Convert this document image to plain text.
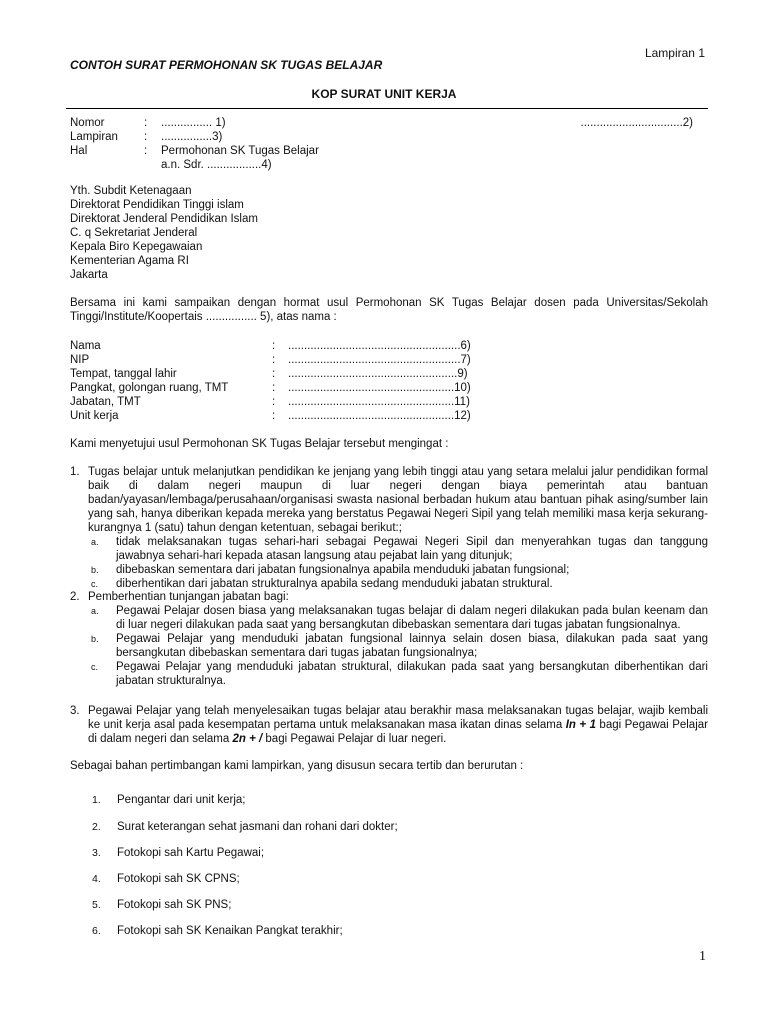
Lampiran 1
CONTOH SURAT PERMOHONAN SK TUGAS BELAJAR
KOP SURAT UNIT KERJA
Nomor	: ................ 1)	................................2)
Lampiran : ................3)
Hal	: Permohonan SK Tugas Belajar
a.n. Sdr. .................4)
Yth. Subdit Ketenagaan
Direktorat Pendidikan Tinggi islam
Direktorat Jenderal Pendidikan Islam
C. q Sekretariat Jenderal
Kepala Biro Kepegawaian
Kementerian Agama RI
Jakarta
Bersama ini kami sampaikan dengan hormat usul Permohonan SK Tugas Belajar dosen pada Universitas/Sekolah Tinggi/Institute/Koopertais ................ 5), atas nama :
Nama	: ......................................................6)
NIP	: ......................................................7)
Tempat, tanggal lahir	: .....................................................9)
Pangkat, golongan ruang, TMT	: ....................................................10)
Jabatan, TMT	: ....................................................11)
Unit kerja	: ....................................................12)
Kami menyetujui usul Permohonan SK Tugas Belajar tersebut mengingat :
1. Tugas belajar untuk melanjutkan pendidikan ke jenjang yang lebih tinggi atau yang setara melalui jalur pendidikan formal baik di dalam negeri maupun di luar negeri dengan biaya pemerintah atau bantuan badan/yayasan/lembaga/perusahaan/organisasi swasta nasional berbadan hukum atau bantuan pihak asing/sumber lain yang sah, hanya diberikan kepada mereka yang berstatus Pegawai Negeri Sipil yang telah memiliki masa kerja sekurang-kurangnya 1 (satu) tahun dengan ketentuan, sebagai berikut:;
a. tidak melaksanakan tugas sehari-hari sebagai Pegawai Negeri Sipil dan menyerahkan tugas dan tanggung jawabnya sehari-hari kepada atasan langsung atau pejabat lain yang ditunjuk;
b. dibebaskan sementara dari jabatan fungsionalnya apabila menduduki jabatan fungsional;
c. diberhentikan dari jabatan strukturalnya apabila sedang menduduki jabatan struktural.
2. Pemberhentian tunjangan jabatan bagi:
a. Pegawai Pelajar dosen biasa yang melaksanakan tugas belajar di dalam negeri dilakukan pada bulan keenam dan di luar negeri dilakukan pada saat yang bersangkutan dibebaskan sementara dari tugas jabatan fungsionalnya.
b. Pegawai Pelajar yang menduduki jabatan fungsional lainnya selain dosen biasa, dilakukan pada saat yang bersangkutan dibebaskan sementara dari tugas jabatan fungsionalnya;
c. Pegawai Pelajar yang menduduki jabatan struktural, dilakukan pada saat yang bersangkutan diberhentikan dari jabatan strukturalnya.
3. Pegawai Pelajar yang telah menyelesaikan tugas belajar atau berakhir masa melaksanakan tugas belajar, wajib kembali ke unit kerja asal pada kesempatan pertama untuk melaksanakan masa ikatan dinas selama In + 1 bagi Pegawai Pelajar di dalam negeri dan selama 2n + / bagi Pegawai Pelajar di luar negeri.
Sebagai bahan pertimbangan kami lampirkan, yang disusun secara tertib dan berurutan :
1. Pengantar dari unit kerja;
2. Surat keterangan sehat jasmani dan rohani dari dokter;
3. Fotokopi sah Kartu Pegawai;
4. Fotokopi sah SK CPNS;
5. Fotokopi sah SK PNS;
6. Fotokopi sah SK Kenaikan Pangkat terakhir;
1
